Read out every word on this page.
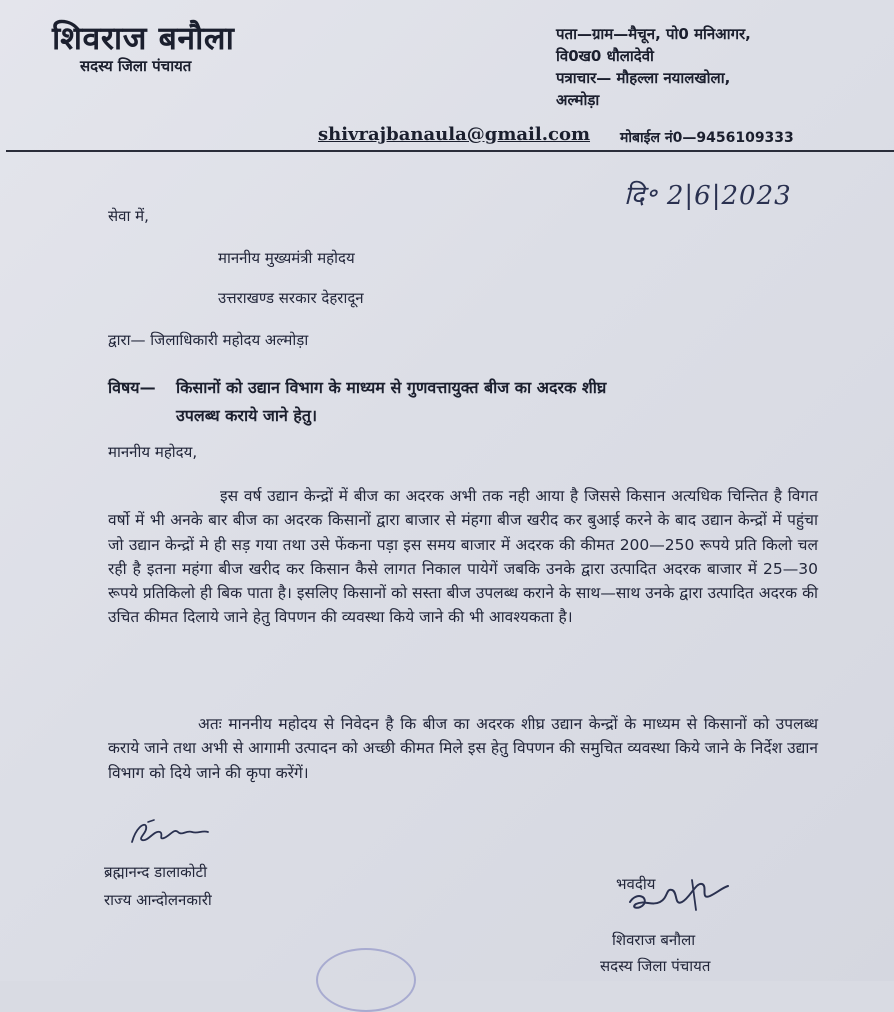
शिवराज बनौला
सदस्य जिला पंचायत
पता—ग्राम—मैचून, पो0 मनिआगर,
वि0ख0 धौलादेवी
पत्राचार— मौहल्ला नयालखोला,
अल्मोड़ा
shivrajbanaula@gmail.com मोबाईल नं0—9456109333
दि॰ 2|6|2023
सेवा में,
माननीय मुख्यमंत्री महोदय
उत्तराखण्ड सरकार देहरादून
द्वारा— जिलाधिकारी महोदय अल्मोड़ा
विषय— किसानों को उद्यान विभाग के माध्यम से गुणवत्तायुक्त बीज का अदरक शीघ्र
उपलब्ध कराये जाने हेतु।
माननीय महोदय,
इस वर्ष उद्यान केन्द्रों में बीज का अदरक अभी तक नही आया है जिससे किसान अत्यधिक चिन्तित है विगत वर्षो में भी अनके बार बीज का अदरक किसानों द्वारा बाजार से मंहगा बीज खरीद कर बुआई करने के बाद उद्यान केन्द्रों में पहुंचा जो उद्यान केन्द्रों मे ही सड़ गया तथा उसे फेंकना पड़ा इस समय बाजार में अदरक की कीमत 200—250 रूपये प्रति किलो चल रही है इतना महंगा बीज खरीद कर किसान कैसे लागत निकाल पायेगें जबकि उनके द्वारा उत्पादित अदरक बाजार में 25—30 रूपये प्रतिकिलो ही बिक पाता है। इसलिए किसानों को सस्ता बीज उपलब्ध कराने के साथ—साथ उनके द्वारा उत्पादित अदरक की उचित कीमत दिलाये जाने हेतु विपणन की व्यवस्था किये जाने की भी आवश्यकता है।
अतः माननीय महोदय से निवेदन है कि बीज का अदरक शीघ्र उद्यान केन्द्रों के माध्यम से किसानों को उपलब्ध कराये जाने तथा अभी से आगामी उत्पादन को अच्छी कीमत मिले इस हेतु विपणन की समुचित व्यवस्था किये जाने के निर्देश उद्यान विभाग को दिये जाने की कृपा करेंगें।
ब्रह्मानन्द डालाकोटी
राज्य आन्दोलनकारी
भवदीय
शिवराज बनौला
सदस्य जिला पंचायत
